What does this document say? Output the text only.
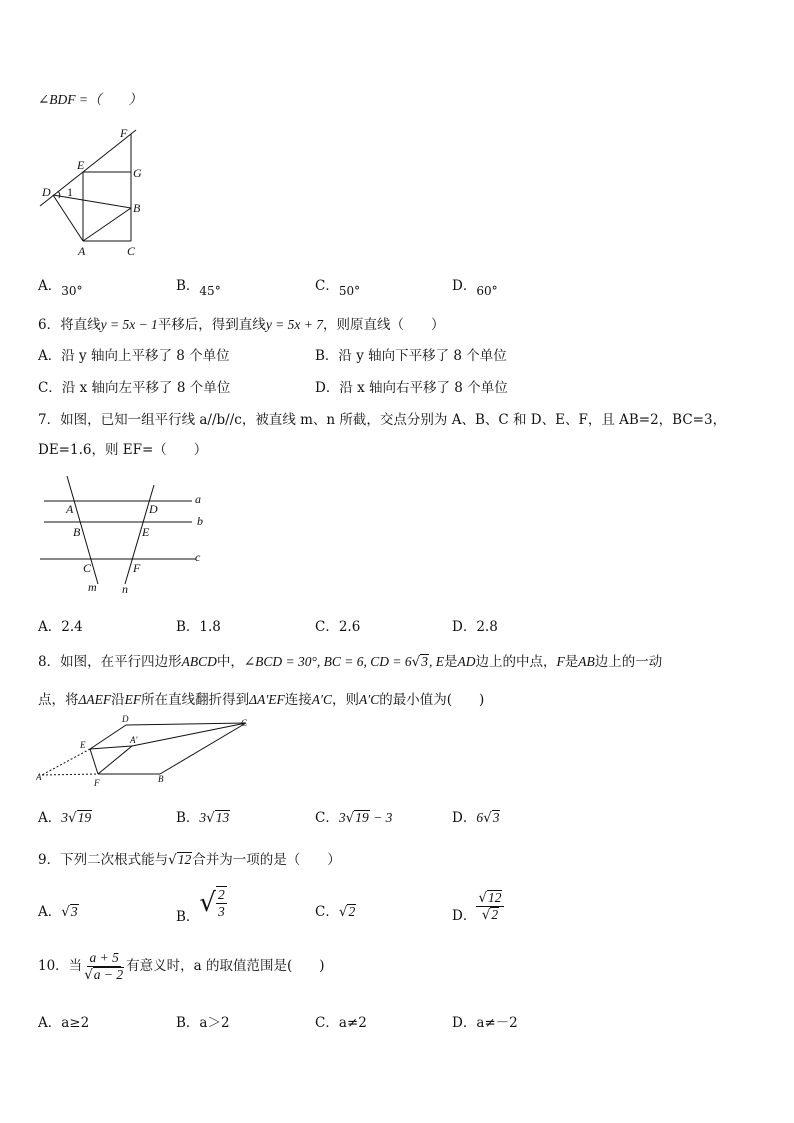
∠BDF =（　　）
F
E
G
D 1
B
A	C
A．30°	B．45°	C．50°	D．60°
6．将直线y = 5x − 1平移后，得到直线y = 5x + 7，则原直线（　　）
A．沿 y 轴向上平移了 8 个单位	B．沿 y 轴向下平移了 8 个单位
C．沿 x 轴向左平移了 8 个单位	D．沿 x 轴向右平移了 8 个单位
7．如图，已知一组平行线 a//b//c，被直线 m、n 所截，交点分别为 A、B、C 和 D、E、F，且 AB=2，BC=3，
DE=1.6，则 EF=（　　）
a
b
c
A	D
B	E
C	F
m n
A．2.4	B．1.8	C．2.6	D．2.8
8．如图，在平行四边形ABCD中，∠BCD = 30°, BC = 6, CD = 6√3, E是AD边上的中点，F是AB边上的一动
点，将ΔAEF沿EF所在直线翻折得到ΔA′EF连接A′C，则A′C的最小值为(　　)
D	C
E	A′
A
F	B
A．3√19	B．3√13	C．3√19 − 3	D．6√3
9．下列二次根式能与√12合并为一项的是（　　）
A．√3	B．√ $\frac{2}{3}$	C．√2	D． $\frac{√12}{√2}$
10．当 $\frac{a + 5}{√a - 2}$ 有意义时，a 的取值范围是(　　)
A．a≥2	B．a＞2	C．a≠2	D．a≠－2
